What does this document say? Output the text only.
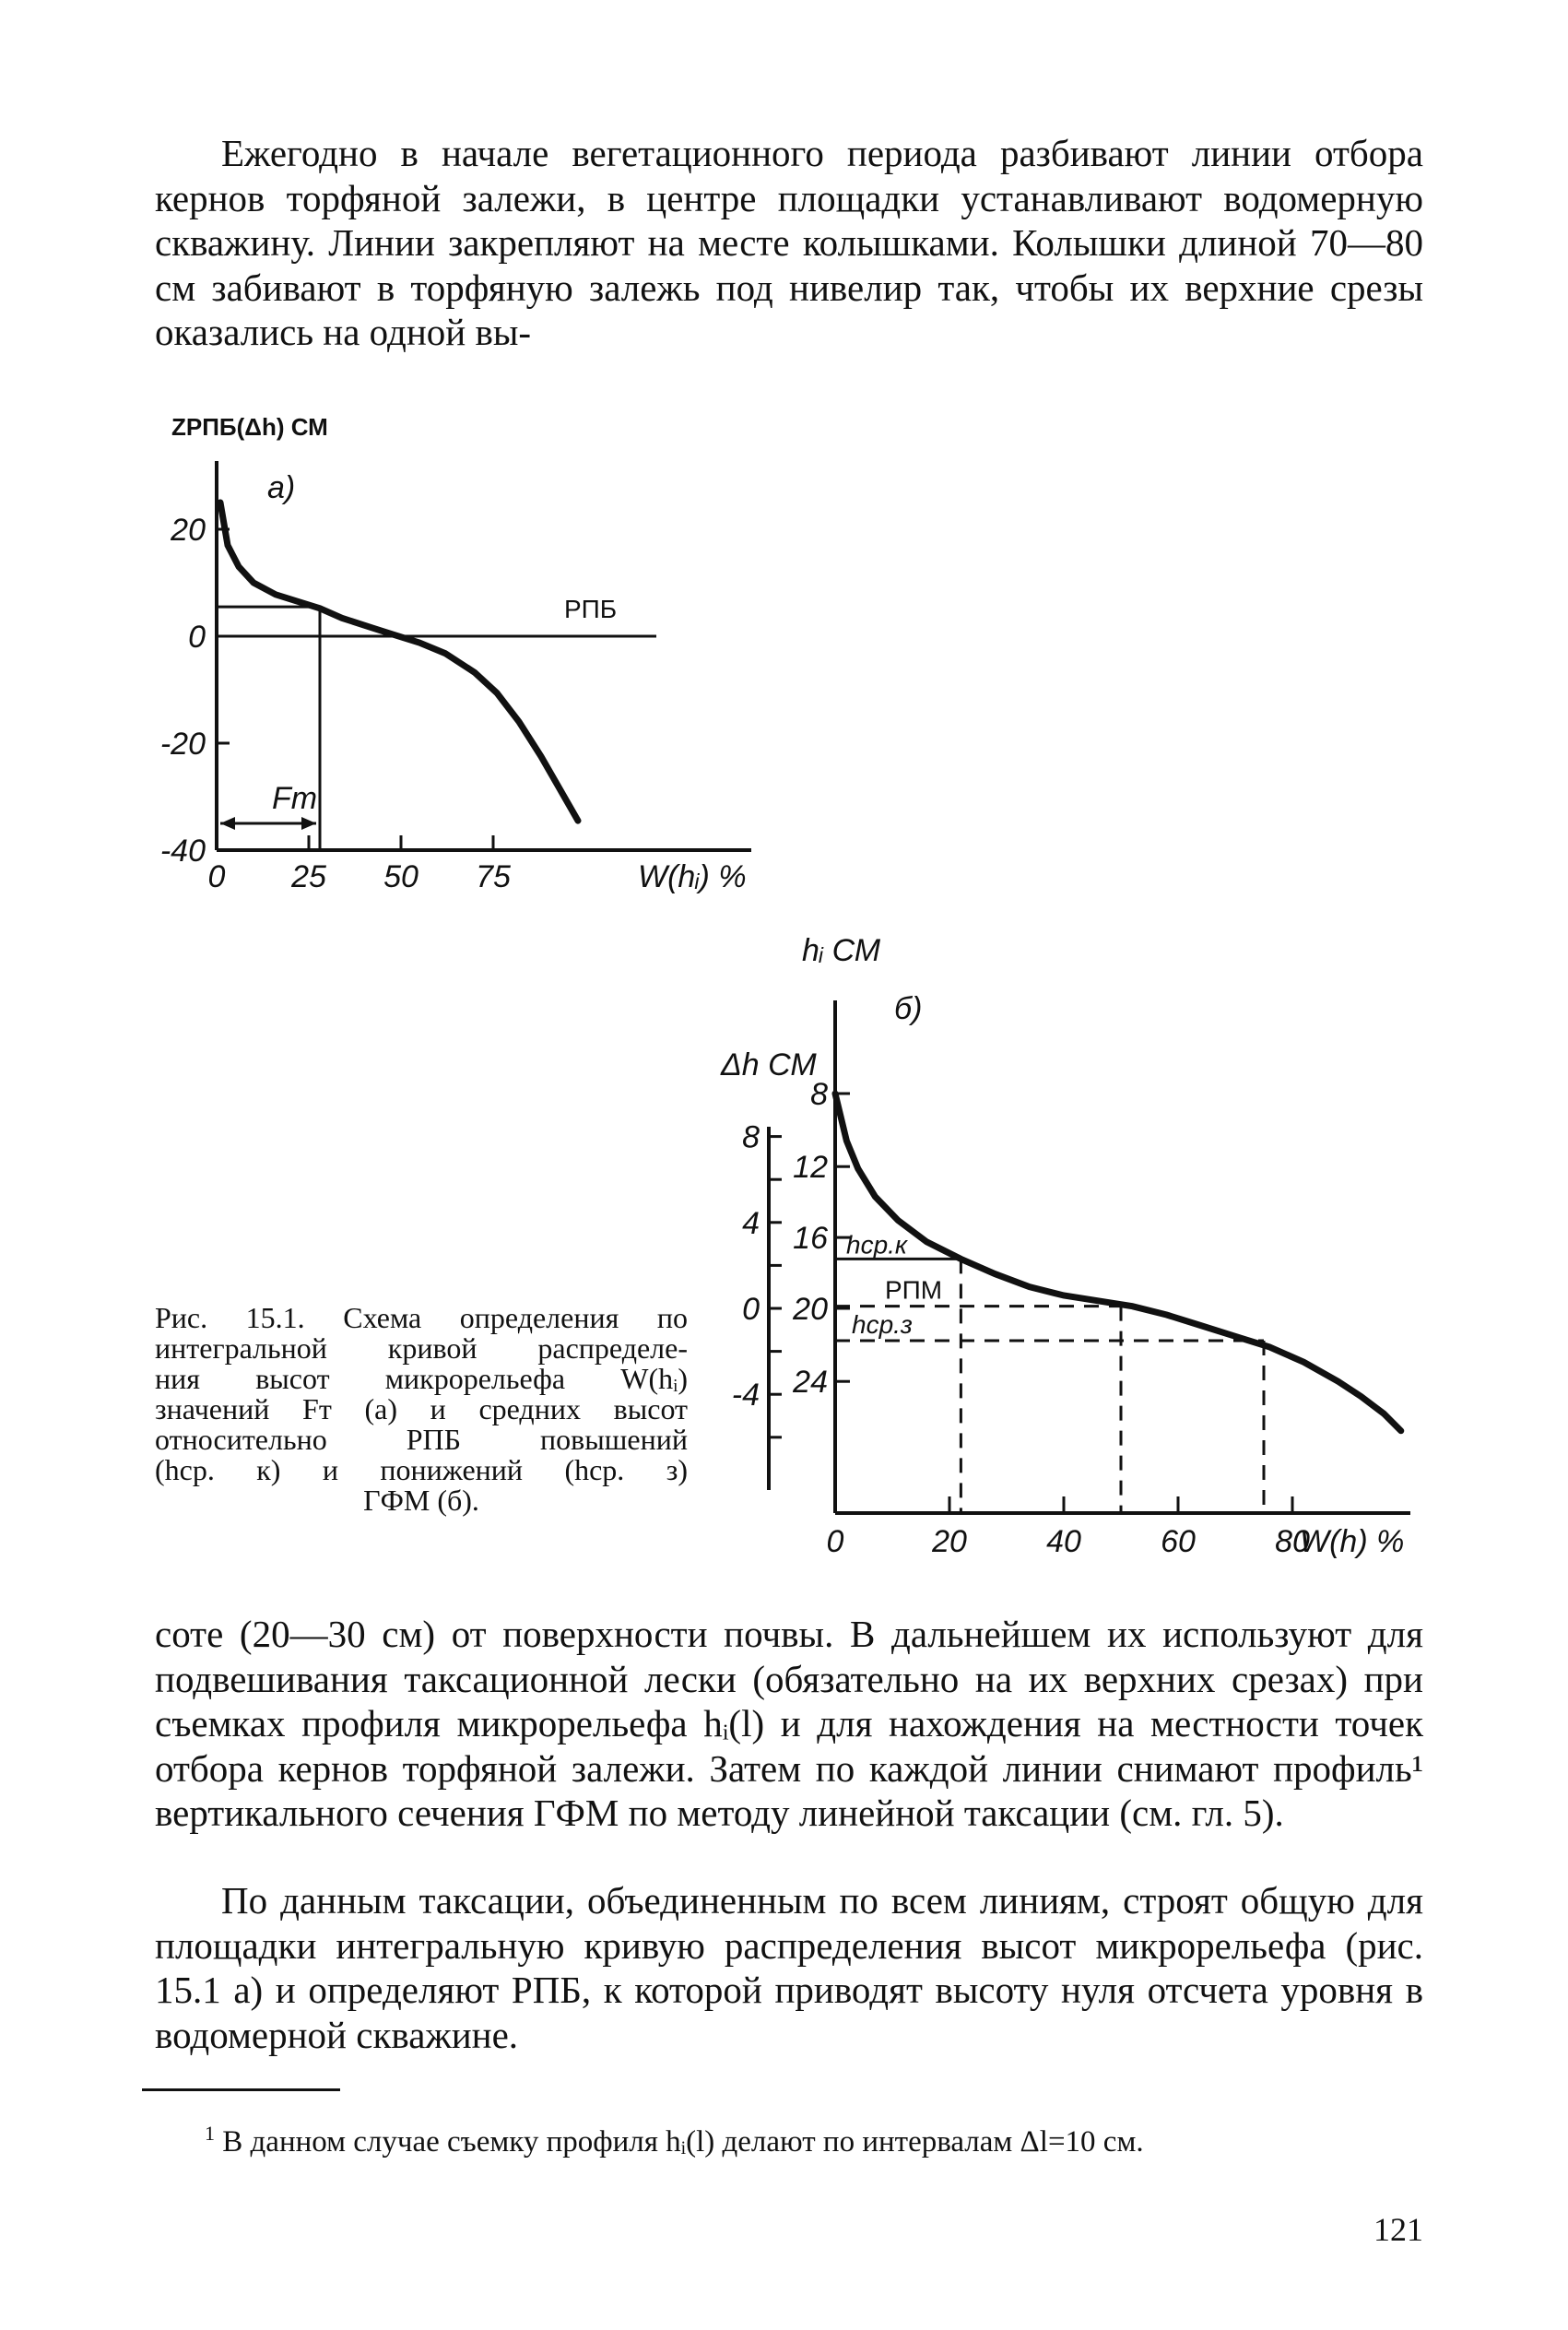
Ежегодно в начале вегетационного периода разбивают линии отбора кернов торфяной залежи, в центре площадки устанавливают водомерную скважину. Линии закрепляют на месте колышками. Колышки длиной 70—80 см забивают в торфяную залежь под нивелир так, чтобы их верхние срезы оказались на одной вы-

ZРПБ(Δh) СМ
а)
20
0
-20
-40
0 25 50 75	W(hᵢ) %
РПБ
Fт
hᵢ СМ
Δh СМ
б)
8
4
0
-4
8
12
16
20
24
0	20	40	60	80
W(h) %
hср.к
РПМ
hср.з
Рис. 15.1. Схема определения по
интегральной кривой распределе-
ния высот микрорельефа W(hᵢ)
значений Fт (а) и средних высот
относительно РПБ повышений
(hср. к) и понижений (hср. з)
ГФМ (б).

соте (20—30 см) от поверхности почвы. В дальнейшем их используют для подвешивания таксационной лески (обязательно на их верхних срезах) при съемках профиля микрорельефа hᵢ(l) и для нахождения на местности точек отбора кернов торфяной залежи. Затем по каждой линии снимают профиль¹ вертикального сечения ГФМ по методу линейной таксации (см. гл. 5).

По данным таксации, объединенным по всем линиям, строят общую для площадки интегральную кривую распределения высот микрорельефа (рис. 15.1 а) и определяют РПБ, к которой приводят высоту нуля отсчета уровня в водомерной скважине.

$^1$ В данном случае съемку профиля hᵢ(l) делают по интервалам Δl=10 см.

121
